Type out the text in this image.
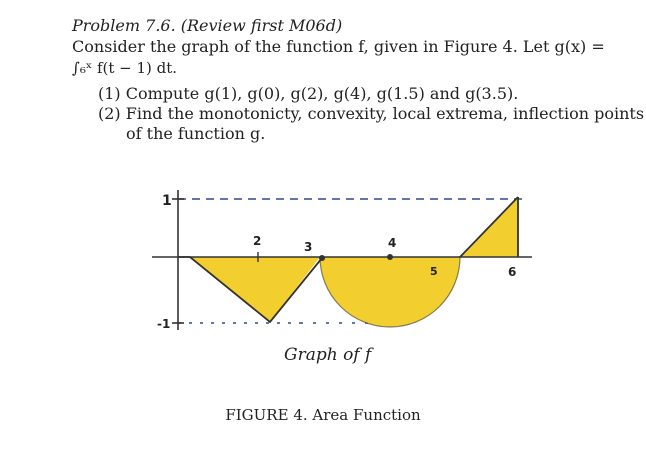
Problem 7.6. (Review first M06d)
Consider the graph of the function f, given in Figure 4. Let g(x) =
∫₆ˣ f(t − 1) dt.
(1) Compute g(1), g(0), g(2), g(4), g(1.5) and g(3.5).
(2) Find the monotonicty, convexity, local extrema, inflection points
of the function g.
1
-1
2	3	4
5	6
Graph of f
FIGURE 4. Area Function
